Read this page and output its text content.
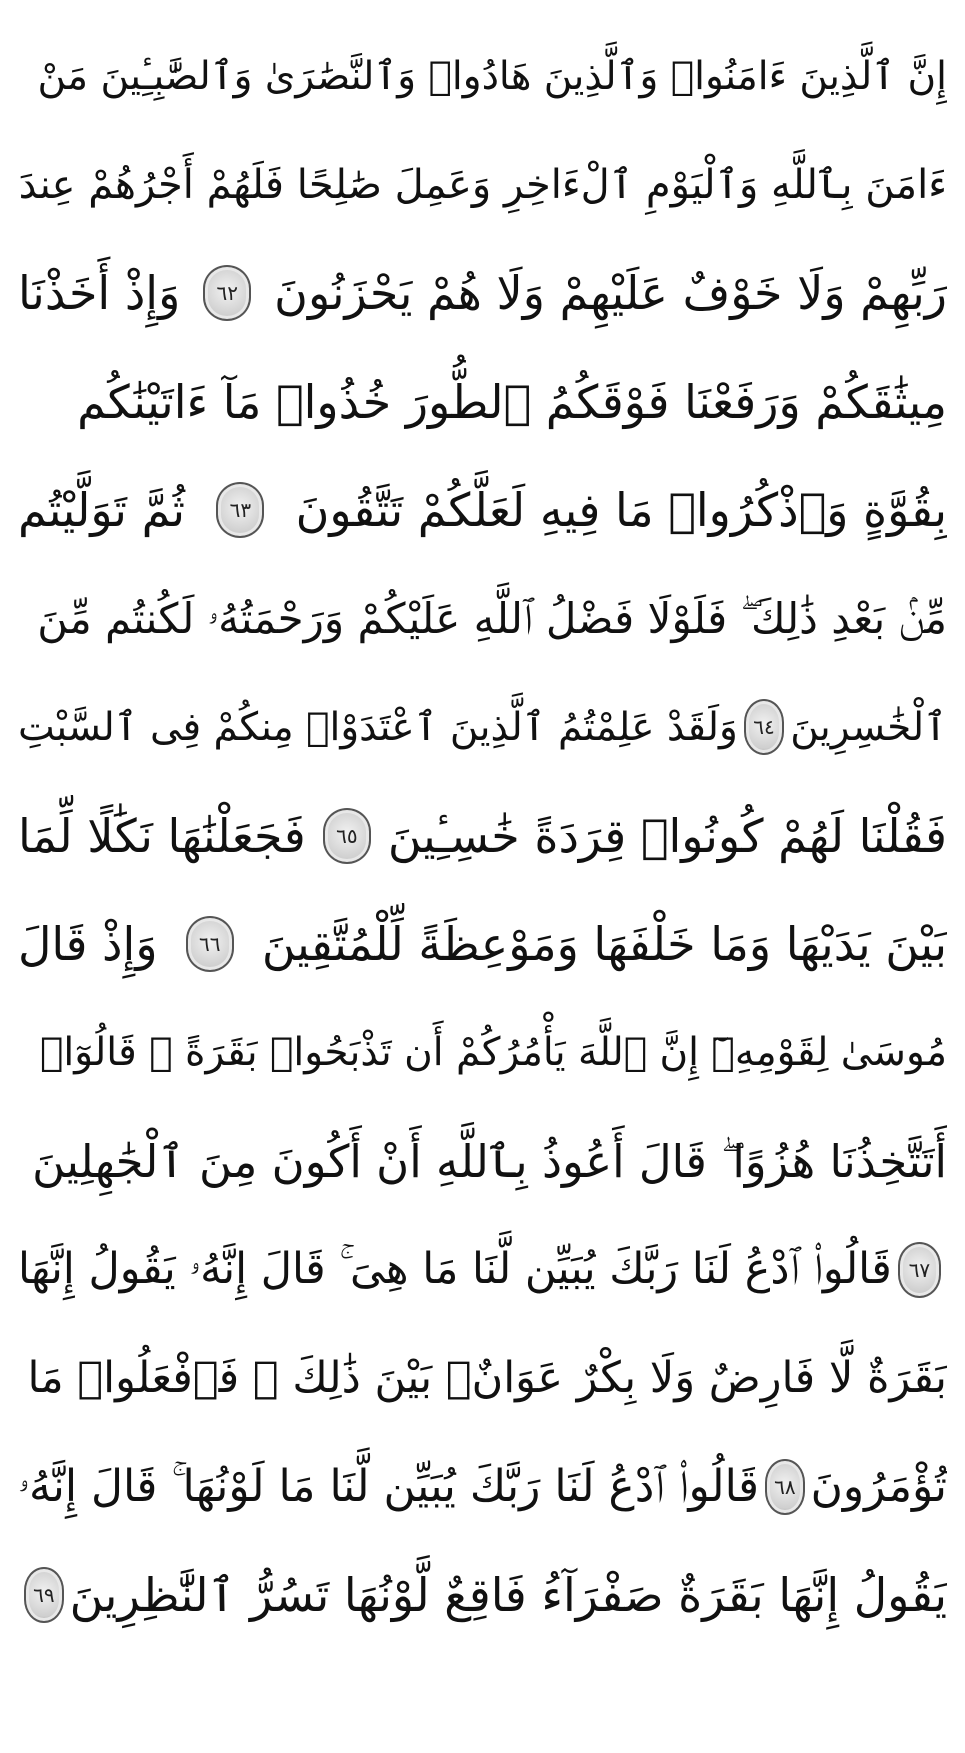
إِنَّ ٱلَّذِينَ ءَامَنُوا۟ وَٱلَّذِينَ هَادُوا۟ وَٱلنَّصَٰرَىٰ وَٱلصَّٰبِـِٔينَ مَنْ
ءَامَنَ بِٱللَّهِ وَٱلْيَوْمِ ٱلْءَاخِرِ وَعَمِلَ صَٰلِحًا فَلَهُمْ أَجْرُهُمْ عِندَ
رَبِّهِمْ وَلَا خَوْفٌ عَلَيْهِمْ وَلَا هُمْ يَحْزَنُونَ
٦٢
وَإِذْ أَخَذْنَا
مِيثَٰقَكُمْ وَرَفَعْنَا فَوْقَكُمُ ٱلطُّورَ خُذُوا۟ مَآ ءَاتَيْنَٰكُم
بِقُوَّةٍ وَٱذْكُرُوا۟ مَا فِيهِ لَعَلَّكُمْ تَتَّقُونَ
٦٣
ثُمَّ تَوَلَّيْتُم
مِّنۢ بَعْدِ ذَٰلِكَ ۖ فَلَوْلَا فَضْلُ ٱللَّهِ عَلَيْكُمْ وَرَحْمَتُهُۥ لَكُنتُم مِّنَ
ٱلْخَٰسِرِينَ
٦٤
وَلَقَدْ عَلِمْتُمُ ٱلَّذِينَ ٱعْتَدَوْا۟ مِنكُمْ فِى ٱلسَّبْتِ
فَقُلْنَا لَهُمْ كُونُوا۟ قِرَدَةً خَٰسِـِٔينَ
٦٥
فَجَعَلْنَٰهَا نَكَٰلًا لِّمَا
بَيْنَ يَدَيْهَا وَمَا خَلْفَهَا وَمَوْعِظَةً لِّلْمُتَّقِينَ
٦٦
وَإِذْ قَالَ
مُوسَىٰ لِقَوْمِهِۦٓ إِنَّ ٱللَّهَ يَأْمُرُكُمْ أَن تَذْبَحُوا۟ بَقَرَةً ۖ قَالُوٓا۟
أَتَتَّخِذُنَا هُزُوًا ۖ قَالَ أَعُوذُ بِٱللَّهِ أَنْ أَكُونَ مِنَ ٱلْجَٰهِلِينَ
٦٧
قَالُوا۟ ٱدْعُ لَنَا رَبَّكَ يُبَيِّن لَّنَا مَا هِىَ ۚ قَالَ إِنَّهُۥ يَقُولُ إِنَّهَا
بَقَرَةٌ لَّا فَارِضٌ وَلَا بِكْرٌ عَوَانٌۢ بَيْنَ ذَٰلِكَ ۖ فَٱفْعَلُوا۟ مَا
تُؤْمَرُونَ
٦٨
قَالُوا۟ ٱدْعُ لَنَا رَبَّكَ يُبَيِّن لَّنَا مَا لَوْنُهَا ۚ قَالَ إِنَّهُۥ
يَقُولُ إِنَّهَا بَقَرَةٌ صَفْرَآءُ فَاقِعٌ لَّوْنُهَا تَسُرُّ ٱلنَّٰظِرِينَ
٦٩
